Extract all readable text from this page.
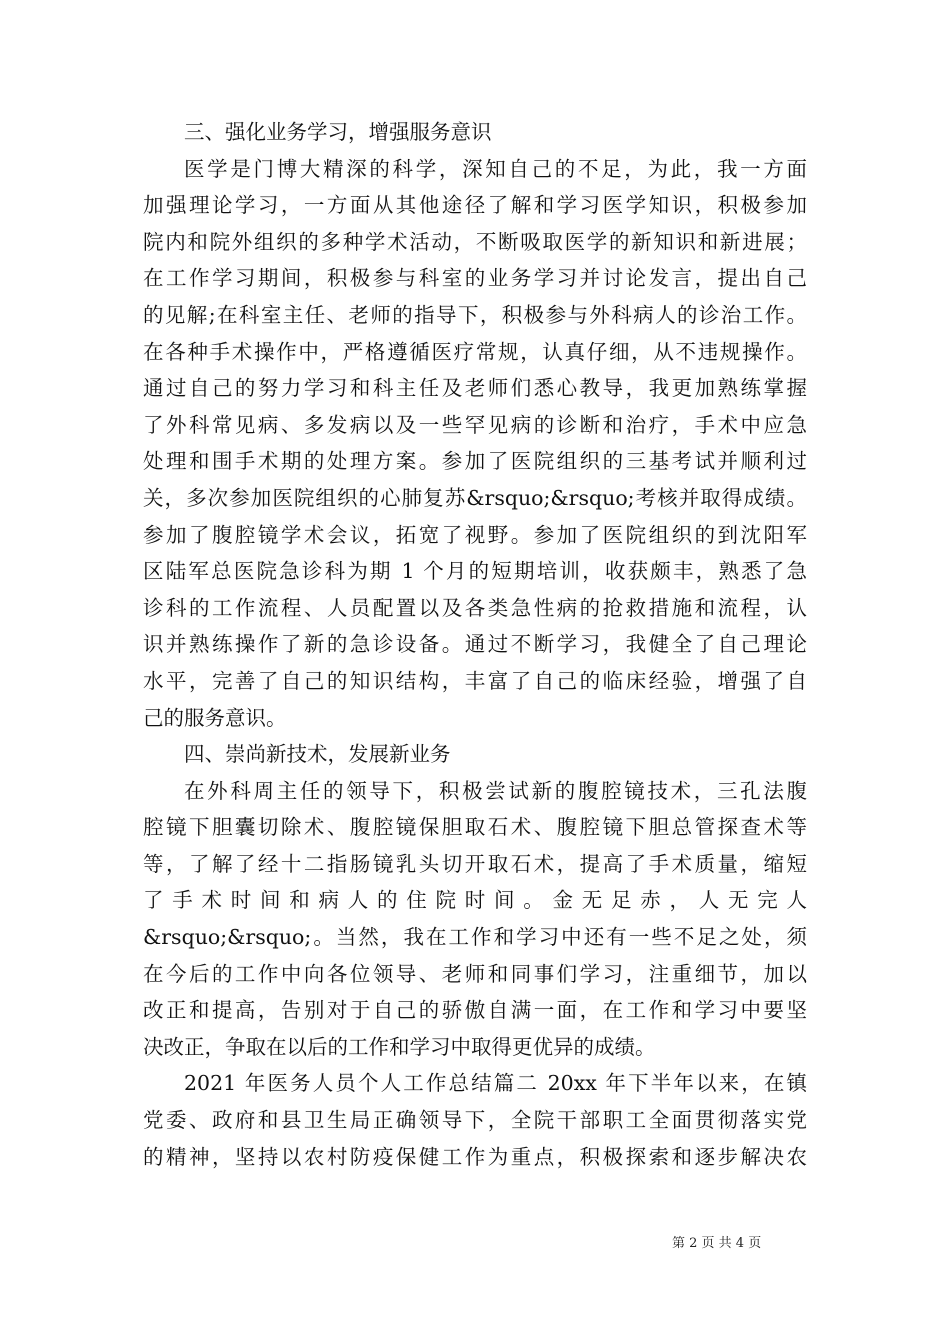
三、强化业务学习，增强服务意识
医学是门博大精深的科学，深知自己的不足，为此，我一方面
加强理论学习，一方面从其他途径了解和学习医学知识，积极参加
院内和院外组织的多种学术活动，不断吸取医学的新知识和新进展；
在工作学习期间，积极参与科室的业务学习并讨论发言，提出自己
的见解;在科室主任、老师的指导下，积极参与外科病人的诊治工作。
在各种手术操作中，严格遵循医疗常规，认真仔细，从不违规操作。
通过自己的努力学习和科主任及老师们悉心教导，我更加熟练掌握
了外科常见病、多发病以及一些罕见病的诊断和治疗，手术中应急
处理和围手术期的处理方案。参加了医院组织的三基考试并顺利过
关，多次参加医院组织的心肺复苏&rsquo;&rsquo;考核并取得成绩。
参加了腹腔镜学术会议，拓宽了视野。参加了医院组织的到沈阳军
区陆军总医院急诊科为期 1 个月的短期培训，收获颇丰，熟悉了急
诊科的工作流程、人员配置以及各类急性病的抢救措施和流程，认
识并熟练操作了新的急诊设备。通过不断学习，我健全了自己理论
水平，完善了自己的知识结构，丰富了自己的临床经验，增强了自
己的服务意识。
四、崇尚新技术，发展新业务
在外科周主任的领导下，积极尝试新的腹腔镜技术，三孔法腹
腔镜下胆囊切除术、腹腔镜保胆取石术、腹腔镜下胆总管探查术等
等，了解了经十二指肠镜乳头切开取石术，提高了手术质量，缩短
了 手 术 时 间 和 病 人 的 住 院 时 间 。 金 无 足 赤 ， 人 无 完 人
&rsquo;&rsquo;。当然，我在工作和学习中还有一些不足之处，须
在今后的工作中向各位领导、老师和同事们学习，注重细节，加以
改正和提高，告别对于自己的骄傲自满一面，在工作和学习中要坚
决改正，争取在以后的工作和学习中取得更优异的成绩。
2021 年医务人员个人工作总结篇二 20xx 年下半年以来，在镇
党委、政府和县卫生局正确领导下，全院干部职工全面贯彻落实党
的精神，坚持以农村防疫保健工作为重点，积极探索和逐步解决农
第 2 页 共 4 页
